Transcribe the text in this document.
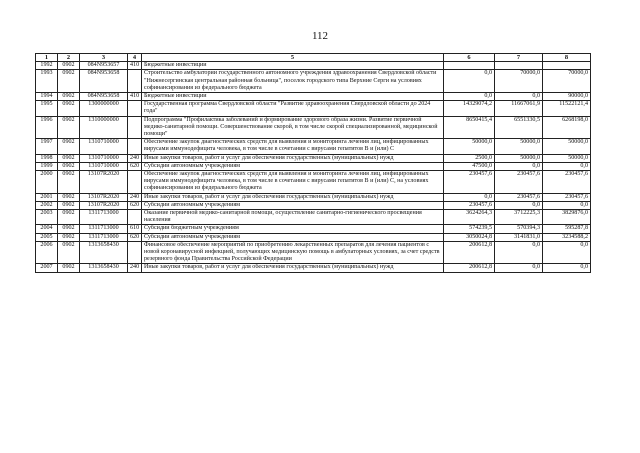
112
1	2	3	4	5	6	7	8
1992	0902	084N953657	410	Бюджетные инвестиции			
1993	0902	084N953658		Строительство амбулатории государственного автономного учреждения здравоохранения Свердловской области "Нижнесергинская центральная районная больница", поселок городского типа Верхние Серги на условиях софинансирования из федерального бюджета	0,0	70000,0	70000,0
1994	0902	084N953658	410	Бюджетные инвестиции	0,0	0,0	90000,0
1995	0902	1300000000		Государственная программа Свердловской области "Развитие здравоохранения Свердловской области до 2024 года"	14329074,2	11667061,9	11522121,4
1996	0902	1310000000		Подпрограмма "Профилактика заболеваний и формирование здорового образа жизни. Развитие первичной медико-санитарной помощи. Совершенствование скорой, в том числе скорой специализированной, медицинской помощи"	8650415,4	6551330,5	6268198,0
1997	0902	1310710000		Обеспечение закупок диагностических средств для выявления и мониторинга лечения лиц, инфицированных вирусами иммунодефицита человека, в том числе в сочетании с вирусами гепатитов B и (или) C	50000,0	50000,0	50000,0
1998	0902	1310710000	240	Иные закупки товаров, работ и услуг для обеспечения государственных (муниципальных) нужд	2500,0	50000,0	50000,0
1999	0902	1310710000	620	Субсидии автономным учреждениям	47500,0	0,0	0,0
2000	0902	13107R2020		Обеспечение закупок диагностических средств для выявления и мониторинга лечения лиц, инфицированных вирусами иммунодефицита человека, в том числе в сочетании с вирусами гепатитов B и (или) C, на условиях софинансирования из федерального бюджета	230457,6	230457,6	230457,6
2001	0902	13107R2020	240	Иные закупки товаров, работ и услуг для обеспечения государственных (муниципальных) нужд	0,0	230457,6	230457,6
2002	0902	13107R2020	620	Субсидии автономным учреждениям	230457,6	0,0	0,0
2003	0902	1311713000		Оказание первичной медико-санитарной помощи, осуществление санитарно-гигиенического просвещения населения	3624264,3	3712225,3	3829876,0
2004	0902	1311713000	610	Субсидии бюджетным учреждениям	574239,5	570394,3	595287,8
2005	0902	1311713000	620	Субсидии автономным учреждениям	3050024,8	3141831,0	3234588,2
2006	0902	1313658430		Финансовое обеспечение мероприятий по приобретению лекарственных препаратов для лечения пациентов с новой коронавирусной инфекцией, получающих медицинскую помощь в амбулаторных условиях, за счет средств резервного фонда Правительства Российской Федерации	200612,8	0,0	0,0
2007	0902	1313658430	240	Иные закупки товаров, работ и услуг для обеспечения государственных (муниципальных) нужд	200612,8	0,0	0,0
